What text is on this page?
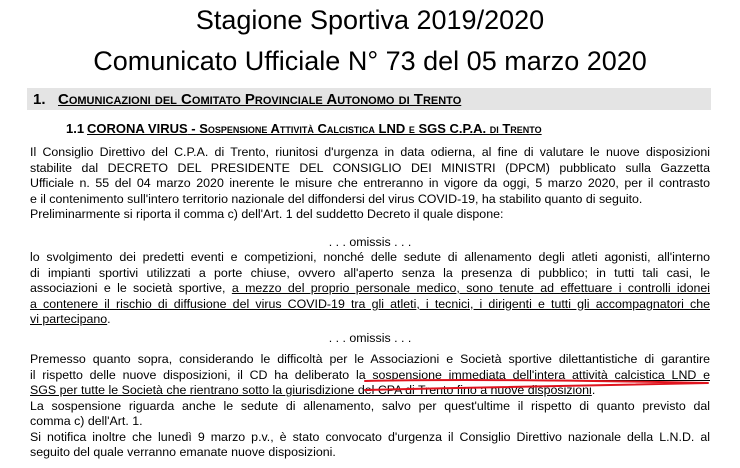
Stagione Sportiva 2019/2020
Comunicato Ufficiale N° 73 del 05 marzo 2020
1. Comunicazioni del Comitato Provinciale Autonomo di Trento
1.1 CORONA VIRUS - Sospensione Attività Calcistica LND e SGS C.P.A. di Trento
Il Consiglio Direttivo del C.P.A. di Trento, riunitosi d'urgenza in data odierna, al fine di valutare le nuove disposizioni
stabilite dal DECRETO DEL PRESIDENTE DEL CONSIGLIO DEI MINISTRI (DPCM) pubblicato sulla Gazzetta
Ufficiale n. 55 del 04 marzo 2020 inerente le misure che entreranno in vigore da oggi, 5 marzo 2020, per il contrasto
e il contenimento sull'intero territorio nazionale del diffondersi del virus COVID-19, ha stabilito quanto di seguito.
Preliminarmente si riporta il comma c) dell'Art. 1 del suddetto Decreto il quale dispone:
. . . omissis . . .
lo svolgimento dei predetti eventi e competizioni, nonché delle sedute di allenamento degli atleti agonisti, all'interno
di impianti sportivi utilizzati a porte chiuse, ovvero all'aperto senza la presenza di pubblico; in tutti tali casi, le
associazioni e le società sportive, a mezzo del proprio personale medico, sono tenute ad effettuare i controlli idonei
a contenere il rischio di diffusione del virus COVID-19 tra gli atleti, i tecnici, i dirigenti e tutti gli accompagnatori che
vi partecipano.
. . . omissis . . .
Premesso quanto sopra, considerando le difficoltà per le Associazioni e Società sportive dilettantistiche di garantire
il rispetto delle nuove disposizioni, il CD ha deliberato la sospensione immediata dell'intera attività calcistica LND e
SGS per tutte le Società che rientrano sotto la giurisdizione del CPA di Trento fino a nuove disposizioni.
La sospensione riguarda anche le sedute di allenamento, salvo per quest'ultime il rispetto di quanto previsto dal
comma c) dell'Art. 1.
Si notifica inoltre che lunedì 9 marzo p.v., è stato convocato d'urgenza il Consiglio Direttivo nazionale della L.N.D. al
seguito del quale verranno emanate nuove disposizioni.
